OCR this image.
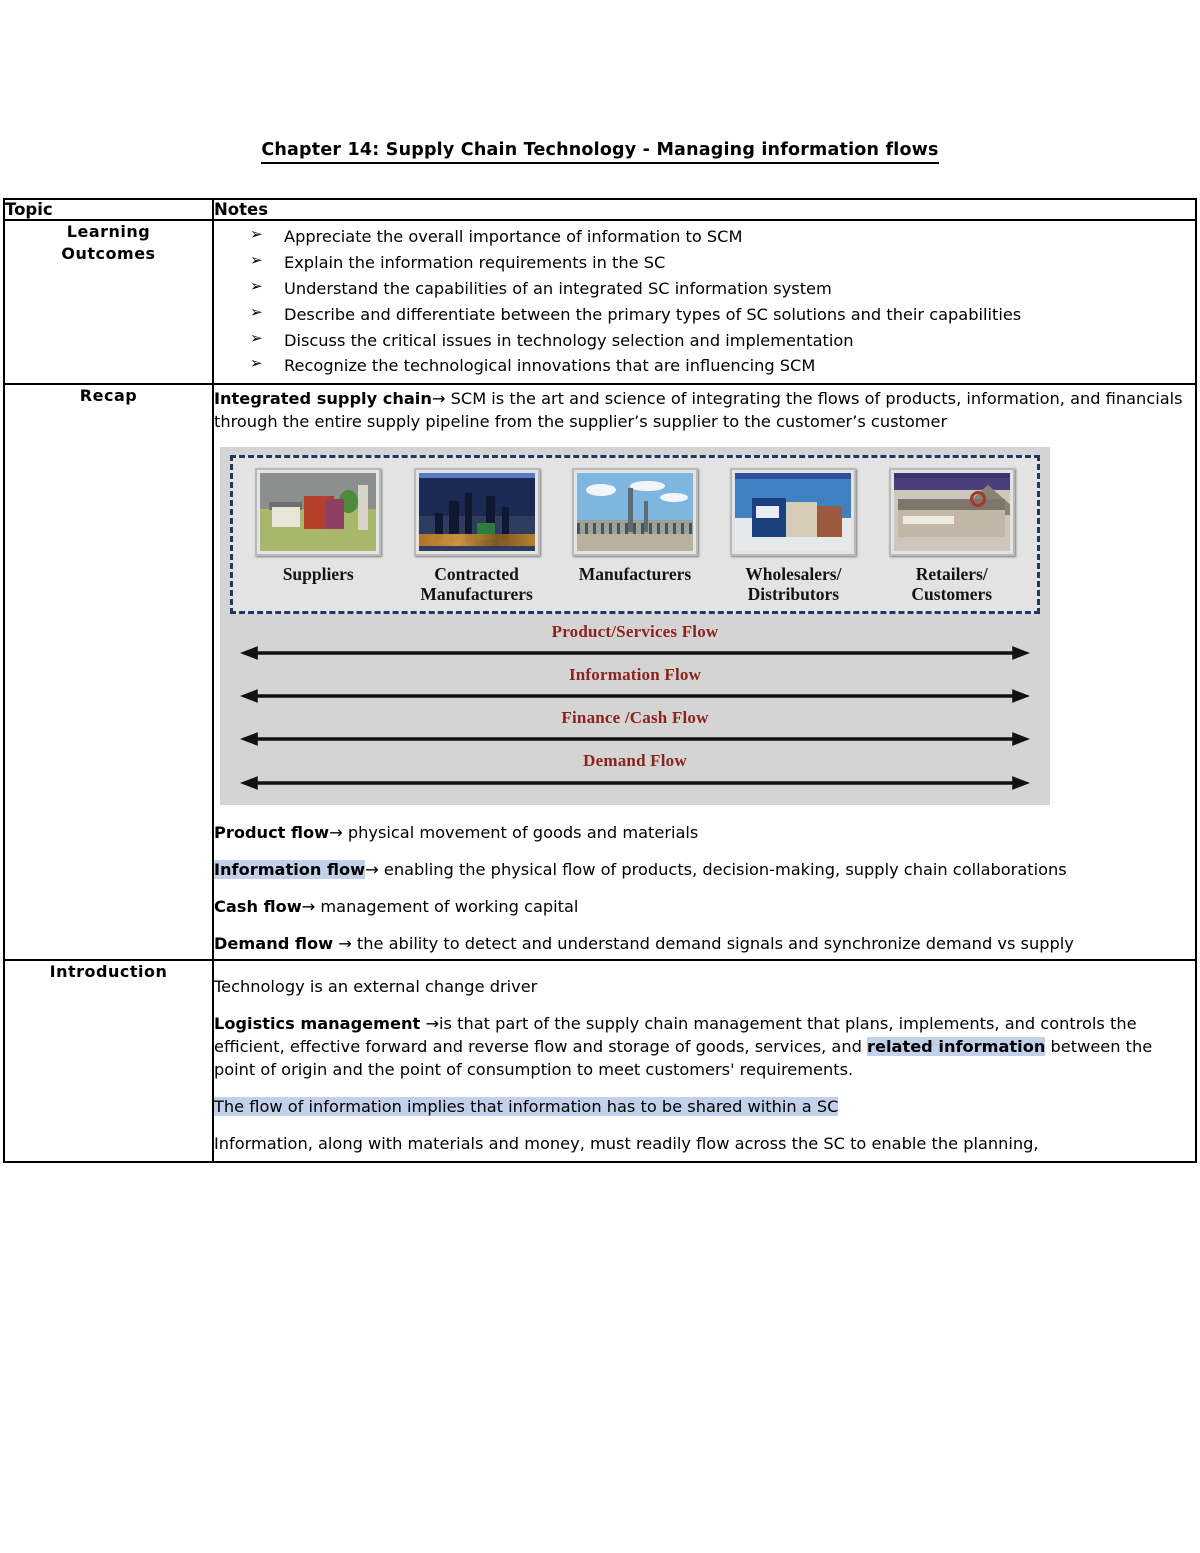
Chapter 14: Supply Chain Technology - Managing information flows
Topic	Notes

Learning
Outcomes

➢ Appreciate the overall importance of information to SCM
➢ Explain the information requirements in the SC
➢ Understand the capabilities of an integrated SC information system
➢ Describe and differentiate between the primary types of SC solutions and their capabilities
➢ Discuss the critical issues in technology selection and implementation
➢ Recognize the technological innovations that are influencing SCM

Recap	Integrated supply chain→ SCM is the art and science of integrating the flows of products, information, and financials through the entire supply pipeline from the supplier’s supplier to the customer’s customer

Suppliers	Contracted
Manufacturers
Manufacturers	Wholesalers/
Distributors
Retailers/
Customers
Product/Services Flow
Information Flow
Finance /Cash Flow
Demand Flow

Product flow→ physical movement of goods and materials

Information flow→ enabling the physical flow of products, decision-making, supply chain collaborations

Cash flow→ management of working capital

Demand flow → the ability to detect and understand demand signals and synchronize demand vs supply

Introduction	Technology is an external change driver

Logistics management →is that part of the supply chain management that plans, implements, and controls the efficient, effective forward and reverse flow and storage of goods, services, and related information between the point of origin and the point of consumption to meet customers' requirements.

The flow of information implies that information has to be shared within a SC

Information, along with materials and money, must readily flow across the SC to enable the planning,
